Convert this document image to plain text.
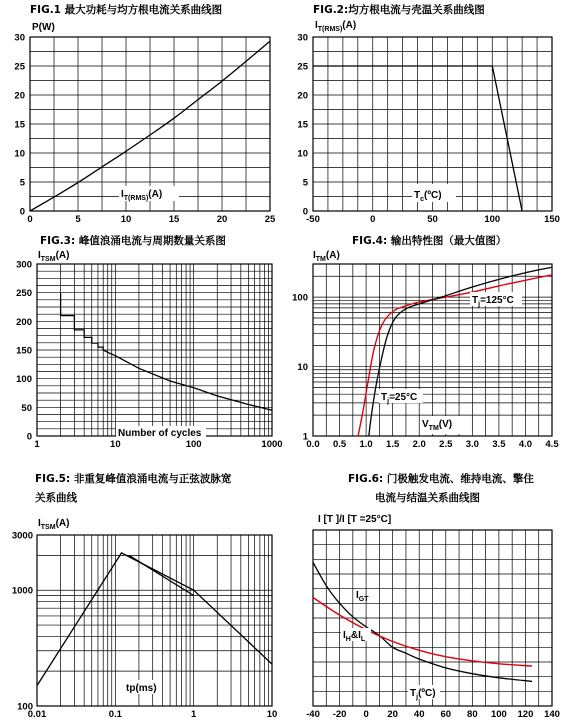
FIG.1 最大功耗与均方根电流关系曲线图
0	5	10	15	20	25
0
5
10
15
20
25
30
P(W)
$I_{T(RMS)}(A)$
FIG.2:均方根电流与壳温关系曲线图
-50	0	50	100	150
0
5
10
15
20
25
30
$I_{T(RMS)}(A)$
$T_c(ºC)$
FIG.3: 峰值浪涌电流与周期数量关系图
1	10	100	1000
0
50
100
150
200
250
300
$I_{TSM}(A)$
Number of cycles
FIG.4: 输出特性图（最大值图）
0.0 0.5 1.0 1.5 2.0 2.5 3.0 3.5 4.0 4.5
1
10
100
$I_{TM}(A)$
$V_{TM}(V)$
$T_j=125^\circ C$
$T_j=25^\circ C$
FIG.5: 非重复峰值浪涌电流与正弦波脉宽
关系曲线
0.01	0.1	1	10
100
1000
3000
$I_{TSM}(A)$
tp(ms)
FIG.6: 门极触发电流、维持电流、擎住
电流与结温关系曲线图
-40 -20 0 20 40 60 80 100 120 140
I [T ]/I [T =25°C]
$T_j(ºC)$
$I_{GT}$
$I_H\&I_L$
